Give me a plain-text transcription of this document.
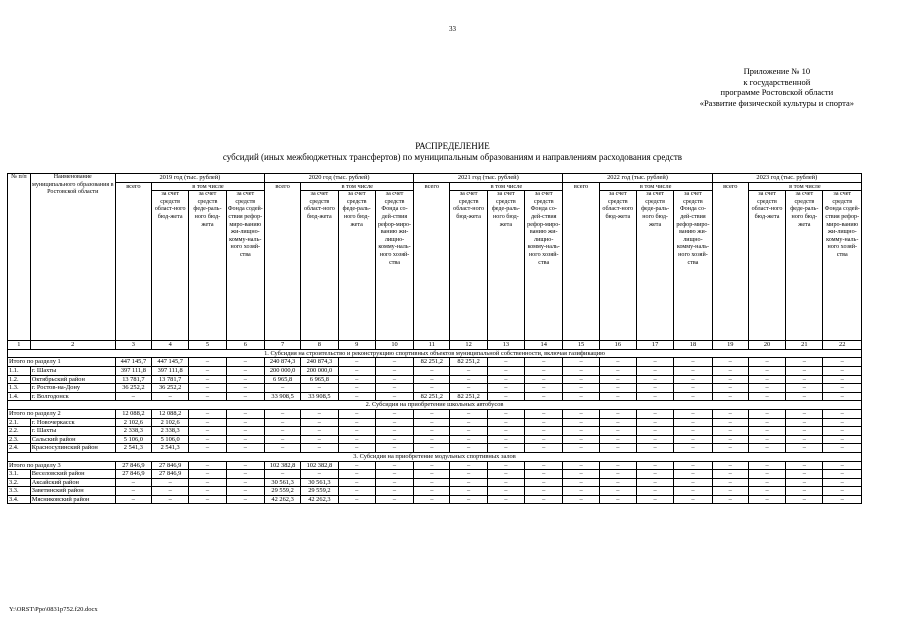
33
Приложение № 10
к государственной
программе Ростовской области
«Развитие физической культуры и спорта»
РАСПРЕДЕЛЕНИЕ
субсидий (иных межбюджетных трансфертов) по муниципальным образованиям и направлениям расходования средств
№ п/п	Наименование муниципального образования в Ростовской области	2019 год (тыс. рублей)				2020 год (тыс. рублей)				2021 год (тыс. рублей)				2022 год (тыс. рублей)				2023 год (тыс. рублей)			
		всего	в том числе			всего	в том числе			всего	в том числе			всего	в том числе			всего	в том числе		
			за счет средств област-ного бюд-жета	за счет средств феде-раль-ного бюд-жета	за счет средств Фонда содей-ствия рефор-миро-ванию жи-лищно-комму-наль-ного хозяй-ства		за счет средств област-ного бюд-жета	за счет средств феде-раль-ного бюд-жета	за счет средств Фонда со-дей-ствия рефор-миро-ванию жи-лищно-комму-наль-ного хозяй-ства		за счет средств област-ного бюд-жета	за счет средств феде-раль-ного бюд-жета	за счет средств Фонда со-дей-ствия рефор-миро-ванию жи-лищно-комму-наль-ного хозяй-ства		за счет средств област-ного бюд-жета	за счет средств феде-раль-ного бюд-жета	за счет средств Фонда со-дей-ствия рефор-миро-ванию жи-лищно-комму-наль-ного хозяй-ства		за счет средств област-ного бюд-жета	за счет средств феде-раль-ного бюд-жета	за счет средств Фонда содей-ствия рефор-миро-ванию жи-лищно-комму-наль-ного хозяй-ства
1	2	3	4	5	6	7	8	9	10	11	12	13	14	15	16	17	18	19	20	21	22
1. Субсидия на строительство и реконструкцию спортивных объектов муниципальной собственности, включая газификацию																					
Итого по разделу 1		447 145,7	447 145,7	–	–	240 874,3	240 874,3	–	–	82 251,2	82 251,2	–	–	–	–	–	–	–	–	–	–
1.1.	г. Шахты	397 111,8	397 111,8	–	–	200 000,0	200 000,0	–	–	–	–	–	–	–	–	–	–	–	–	–	–
1.2.	Октябрьский район	13 781,7	13 781,7	–	–	6 965,8	6 965,8	–	–	–	–	–	–	–	–	–	–	–	–	–	–
1.3.	г. Ростов-на-Дону	36 252,2	36 252,2	–	–	–	–	–	–	–	–	–	–	–	–	–	–	–	–	–	–
1.4.	г. Волгодонск	–	–	–	–	33 908,5	33 908,5	–	–	82 251,2	82 251,2	–	–	–	–	–	–	–	–	–	–
2. Субсидия на приобретение школьных автобусов																					
Итого по разделу 2		12 088,2	12 088,2	–	–	–	–	–	–	–	–	–	–	–	–	–	–	–	–	–	–
2.1.	г. Новочеркасск	2 102,6	2 102,6	–	–	–	–	–	–	–	–	–	–	–	–	–	–	–	–	–	–
2.2.	г. Шахты	2 338,3	2 338,3	–	–	–	–	–	–	–	–	–	–	–	–	–	–	–	–	–	–
2.3.	Сальский район	5 106,0	5 106,0	–	–	–	–	–	–	–	–	–	–	–	–	–	–	–	–	–	–
2.4.	Красносулинский район	2 541,3	2 541,3	–	–	–	–	–	–	–	–	–	–	–	–	–	–	–	–	–	–
3. Субсидия на приобретение модульных спортивных залов																					
Итого по разделу 3		27 846,9	27 846,9	–	–	102 382,8	102 382,8	–	–	–	–	–	–	–	–	–	–	–	–	–	–
3.1.	Веселовский район	27 846,9	27 846,9	–	–	–	–	–	–	–	–	–	–	–	–	–	–	–	–	–	–
3.2.	Аксайский район	–	–	–	–	30 561,3	30 561,3	–	–	–	–	–	–	–	–	–	–	–	–	–	–
3.3.	Заветинский район	–	–	–	–	29 559,2	29 559,2	–	–	–	–	–	–	–	–	–	–	–	–	–	–
3.4.	Мясниковский район	–	–	–	–	42 262,3	42 262,3	–	–	–	–	–	–	–	–	–	–	–	–	–	–
Y:\ORST\Ppo\0831p752.f20.docx
